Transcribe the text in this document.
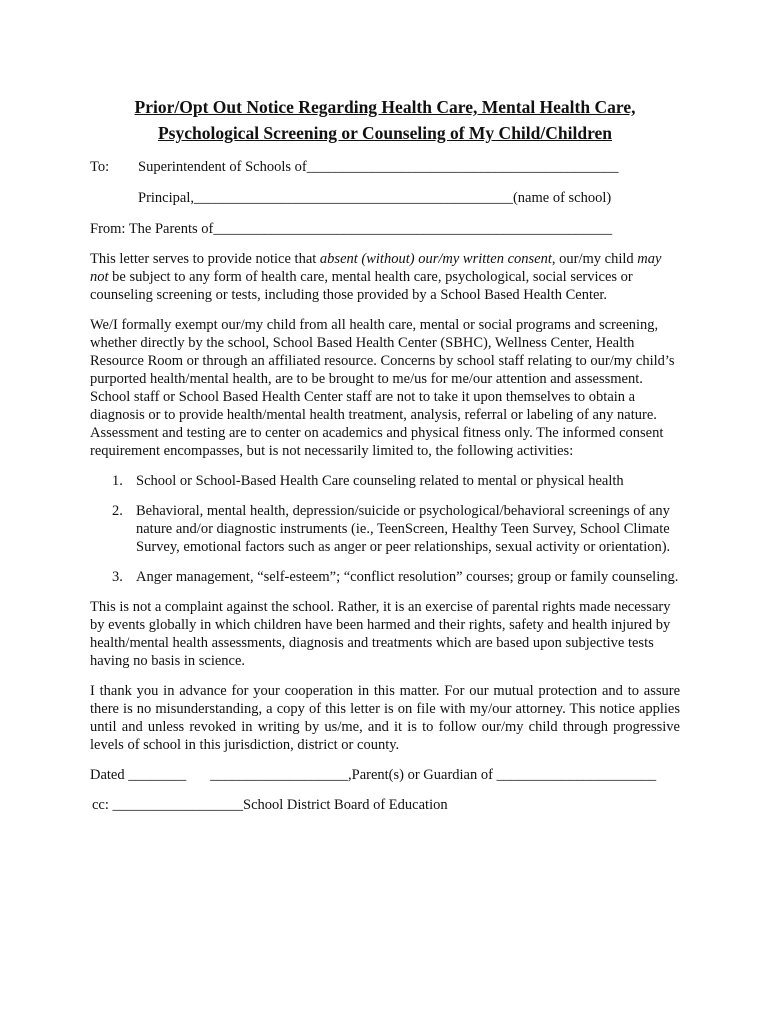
Prior/Opt Out Notice Regarding Health Care, Mental Health Care,
Psychological Screening or Counseling of My Child/Children
To: Superintendent of Schools of___________________________________________
Principal,____________________________________________(name of school)
From: The Parents of_______________________________________________________

This letter serves to provide notice that absent (without) our/my written consent, our/my child may not be subject to any form of health care, mental health care, psychological, social services or counseling screening or tests, including those provided by a School Based Health Center.

We/I formally exempt our/my child from all health care, mental or social programs and screening, whether directly by the school, School Based Health Center (SBHC), Wellness Center, Health Resource Room or through an affiliated resource. Concerns by school staff relating to our/my child’s purported health/mental health, are to be brought to me/us for me/our attention and assessment. School staff or School Based Health Center staff are not to take it upon themselves to obtain a diagnosis or to provide health/mental health treatment, analysis, referral or labeling of any nature. Assessment and testing are to center on academics and physical fitness only. The informed consent requirement encompasses, but is not necessarily limited to, the following activities:

1. School or School-Based Health Care counseling related to mental or physical health
2. Behavioral, mental health, depression/suicide or psychological/behavioral screenings of any nature and/or diagnostic instruments (ie., TeenScreen, Healthy Teen Survey, School Climate Survey, emotional factors such as anger or peer relationships, sexual activity or orientation).
3. Anger management, “self-esteem”; “conflict resolution” courses; group or family counseling.

This is not a complaint against the school. Rather, it is an exercise of parental rights made necessary by events globally in which children have been harmed and their rights, safety and health injured by health/mental health assessments, diagnosis and treatments which are based upon subjective tests having no basis in science.

I thank you in advance for your cooperation in this matter. For our mutual protection and to assure there is no misunderstanding, a copy of this letter is on file with my/our attorney. This notice applies until and unless revoked in writing by us/me, and it is to follow our/my child through progressive levels of school in this jurisdiction, district or county.

Dated ________ ___________________,Parent(s) or Guardian of ______________________
cc: __________________School District Board of Education
